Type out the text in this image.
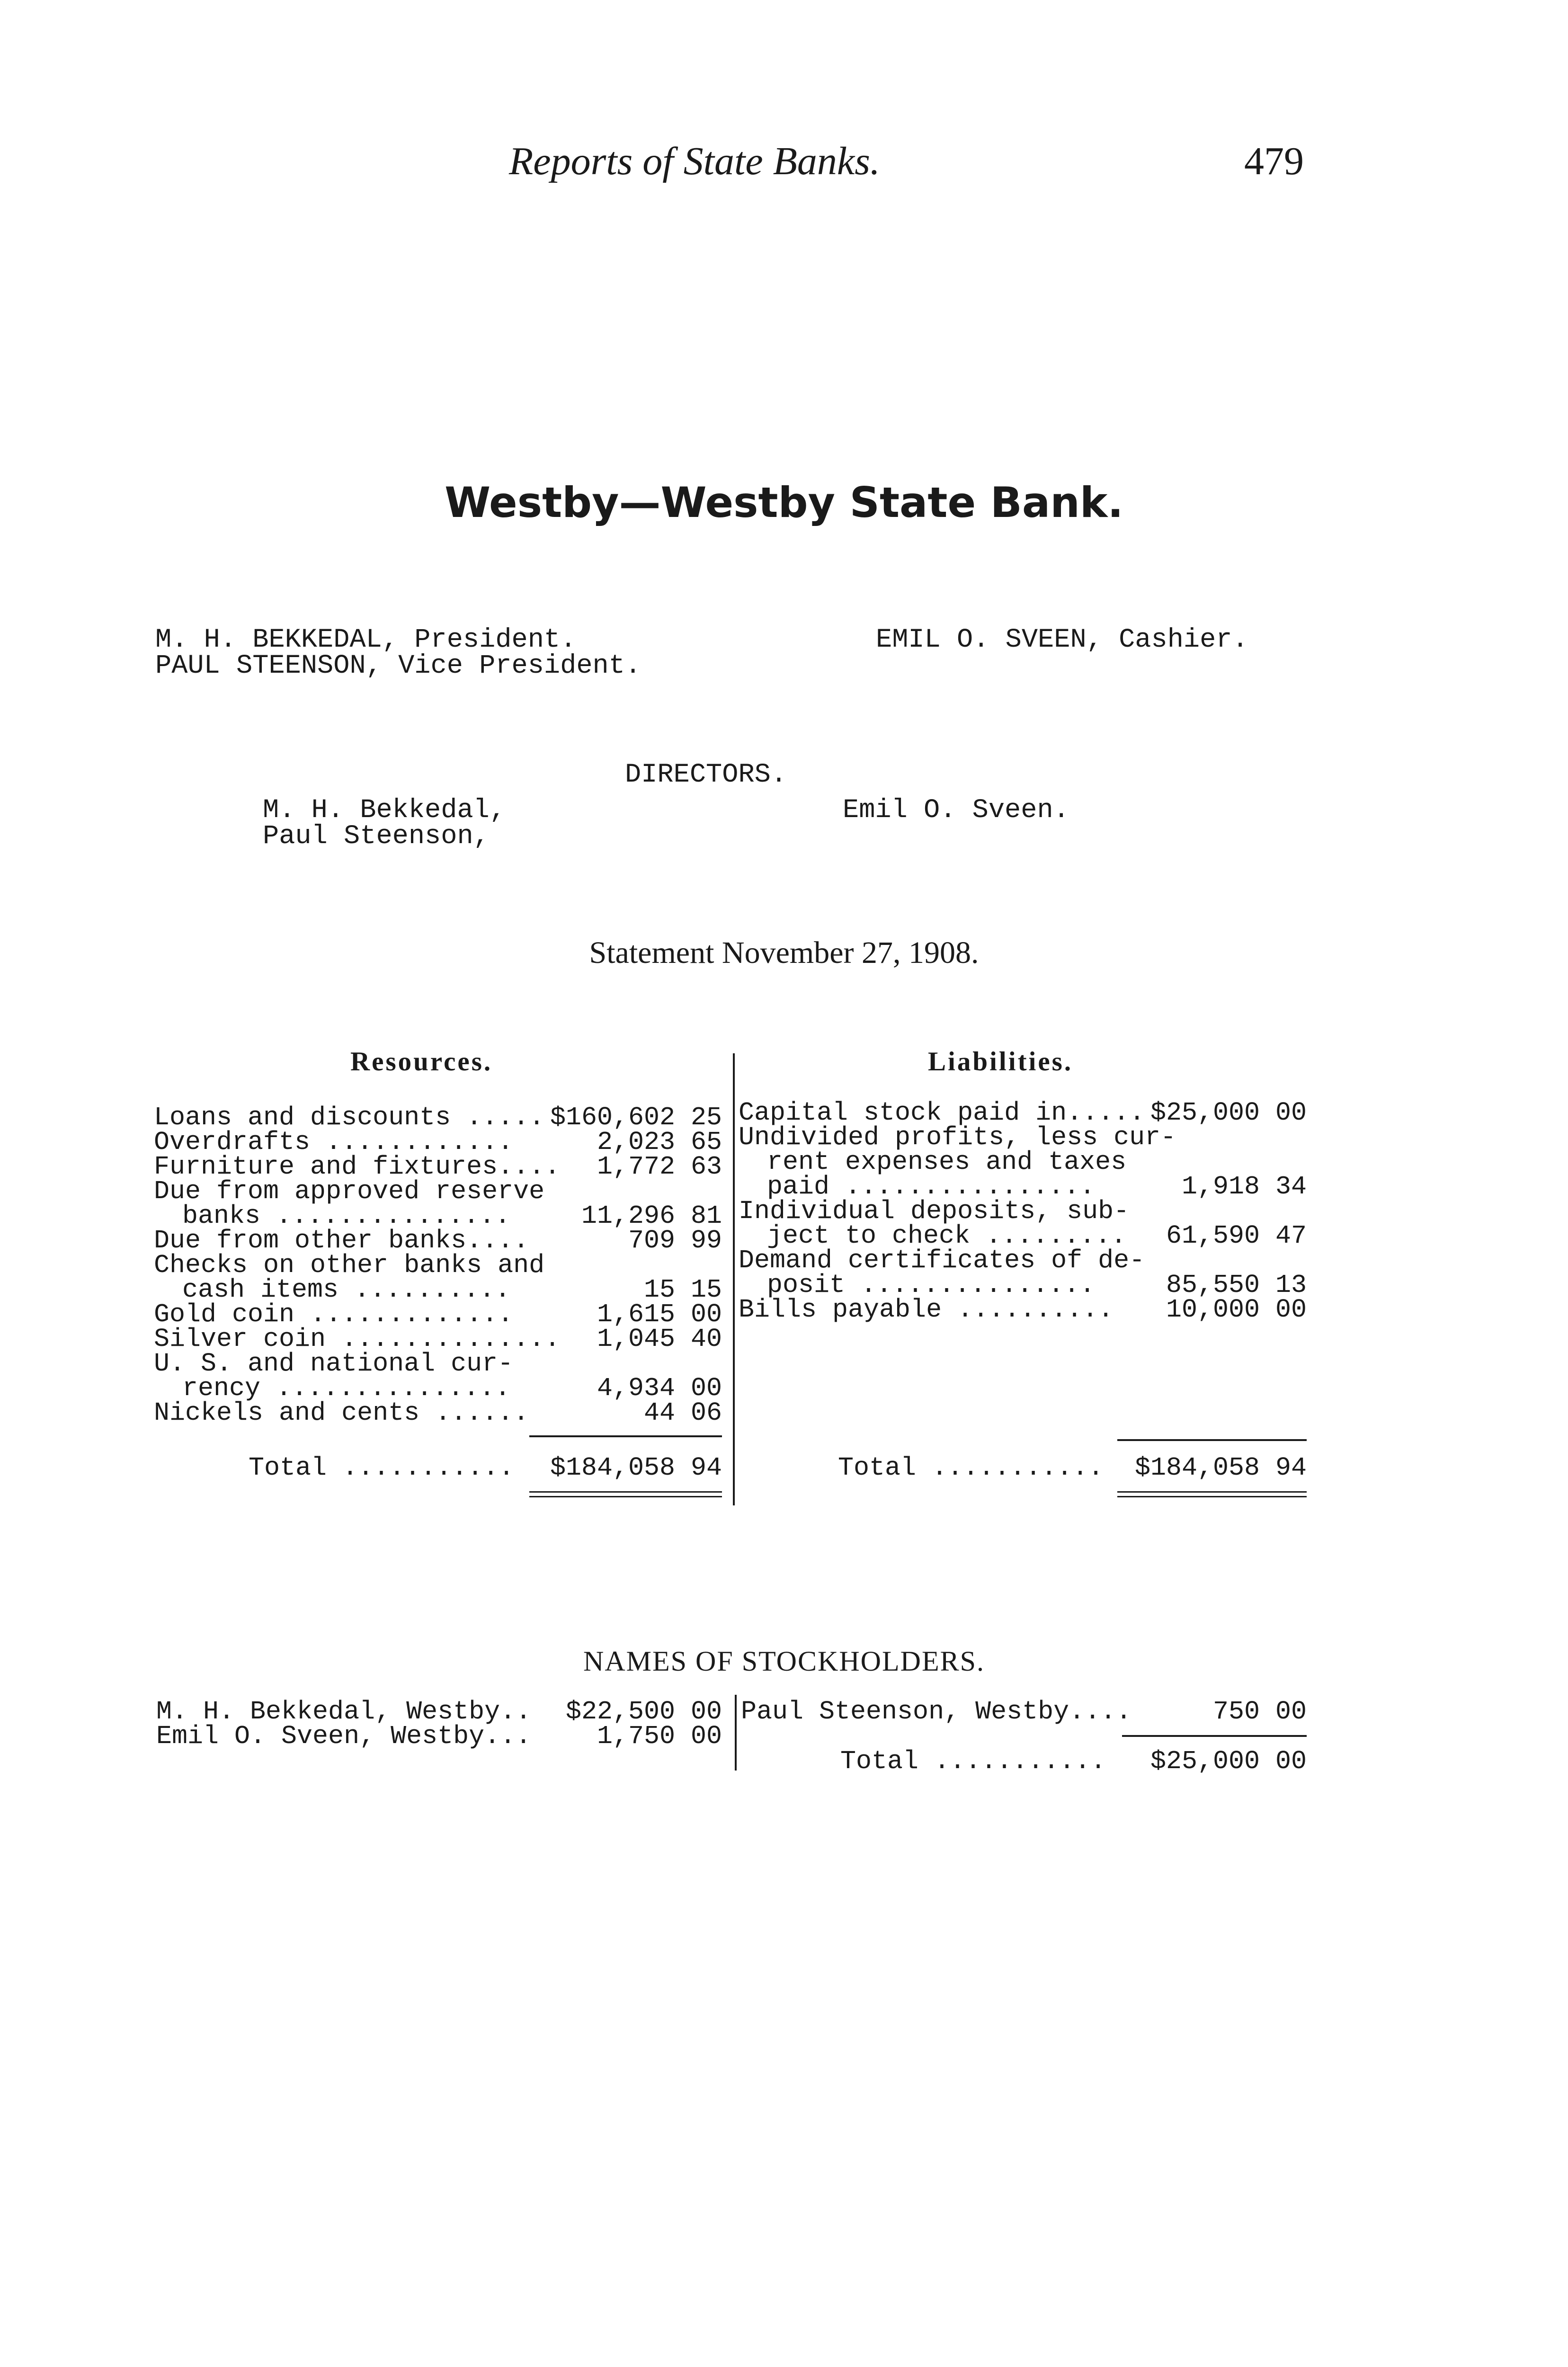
Reports of State Banks.	479
Westby—Westby State Bank.
M. H. BEKKEDAL, President.
PAUL STEENSON, Vice President.
EMIL O. SVEEN, Cashier.
DIRECTORS.
M. H. Bekkedal,
Paul Steenson,
Emil O. Sveen.
Statement November 27, 1908.
Resources.	Liabilities.
Loans and discounts ..... $160,602 25
Overdrafts ............	2,023 65
Furniture and fixtures.... 1,772 63
Due from approved reserve
banks ...............	11,296 81
Due from other banks....	709 99
Checks on other banks and
cash items ..........	15 15
Gold coin .............	1,615 00
Silver coin .............. 1,045 40
U. S. and national cur-
rency ...............	4,934 00
Nickels and cents ......	44 06
Total ........... $184,058 94
Capital stock paid in..... $25,000 00
Undivided profits, less cur-
rent expenses and taxes
paid ................	1,918 34
Individual deposits, sub-
ject to check ......... 61,590 47
Demand certificates of de-
posit ...............	85,550 13
Bills payable .......... 10,000 00
Total ........... $184,058 94
NAMES OF STOCKHOLDERS.
M. H. Bekkedal, Westby.. $22,500 00
Emil O. Sveen, Westby...	1,750 00
Paul Steenson, Westby....	750 00
Total ........... $25,000 00
